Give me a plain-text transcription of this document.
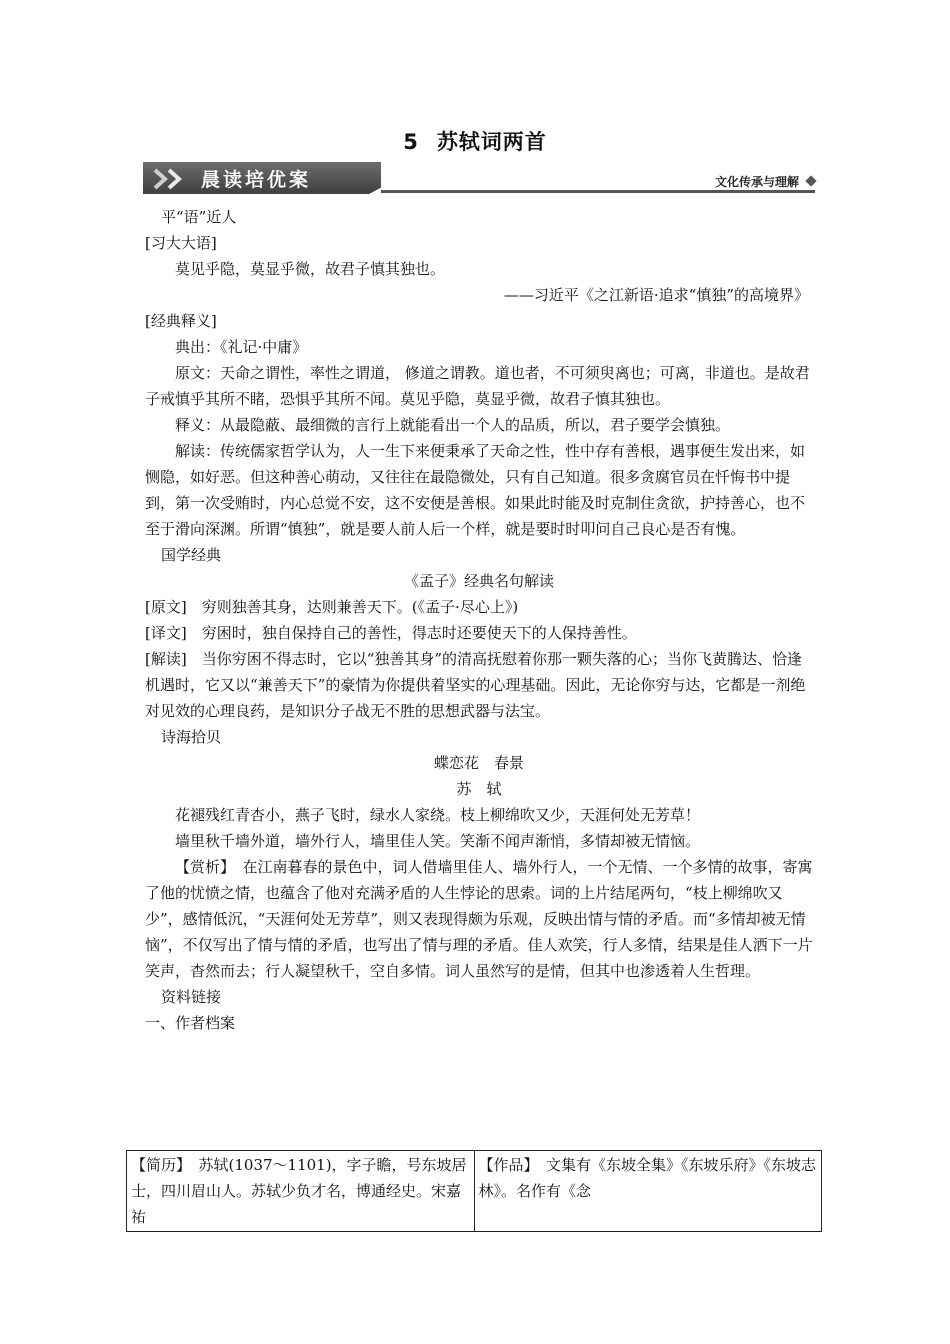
5 苏轼词两首
晨读培优案	文化传承与理解

平“语”近人

[习大大语]

莫见乎隐，莫显乎微，故君子慎其独也。

——习近平《之江新语·追求“慎独”的高境界》

[经典释义]

典出：《礼记·中庸》

原文：天命之谓性，率性之谓道， 修道之谓教。道也者，不可须臾离也；可离，非道也。是故君子戒慎乎其所不睹，恐惧乎其所不闻。莫见乎隐，莫显乎微，故君子慎其独也。

释义：从最隐蔽、最细微的言行上就能看出一个人的品质，所以，君子要学会慎独。

解读：传统儒家哲学认为，人一生下来便秉承了天命之性，性中存有善根，遇事便生发出来，如恻隐，如好恶。但这种善心萌动，又往往在最隐微处，只有自己知道。很多贪腐官员在忏悔书中提到，第一次受贿时，内心总觉不安，这不安便是善根。如果此时能及时克制住贪欲，护持善心，也不至于滑向深渊。所谓“慎独”，就是要人前人后一个样，就是要时时叩问自己良心是否有愧。

国学经典

《孟子》经典名句解读

[原文]　穷则独善其身，达则兼善天下。(《孟子·尽心上》)

[译文]　穷困时，独自保持自己的善性，得志时还要使天下的人保持善性。

[解读]　当你穷困不得志时，它以“独善其身”的清高抚慰着你那一颗失落的心；当你飞黄腾达、恰逢机遇时，它又以“兼善天下”的豪情为你提供着坚实的心理基础。因此，无论你穷与达，它都是一剂绝对见效的心理良药，是知识分子战无不胜的思想武器与法宝。

诗海拾贝

蝶恋花　春景

苏　轼

花褪残红青杏小，燕子飞时，绿水人家绕。枝上柳绵吹又少，天涯何处无芳草！

墙里秋千墙外道，墙外行人，墙里佳人笑。笑渐不闻声渐悄，多情却被无情恼。

【赏析】　在江南暮春的景色中，词人借墙里佳人、墙外行人，一个无情、一个多情的故事，寄寓了他的忧愤之情，也蕴含了他对充满矛盾的人生悖论的思索。词的上片结尾两句，“枝上柳绵吹又少”，感情低沉，“天涯何处无芳草”，则又表现得颇为乐观，反映出情与情的矛盾。而“多情却被无情恼”，不仅写出了情与情的矛盾，也写出了情与理的矛盾。佳人欢笑，行人多情，结果是佳人洒下一片笑声，杳然而去；行人凝望秋千，空自多情。词人虽然写的是情，但其中也渗透着人生哲理。

资料链接

一、作者档案

【简历】　苏轼(1037～1101)，字子瞻，号东坡居士，四川眉山人。苏轼少负才名，博通经史。宋嘉祐	【作品】　文集有《东坡全集》《东坡乐府》《东坡志林》。名作有《念
